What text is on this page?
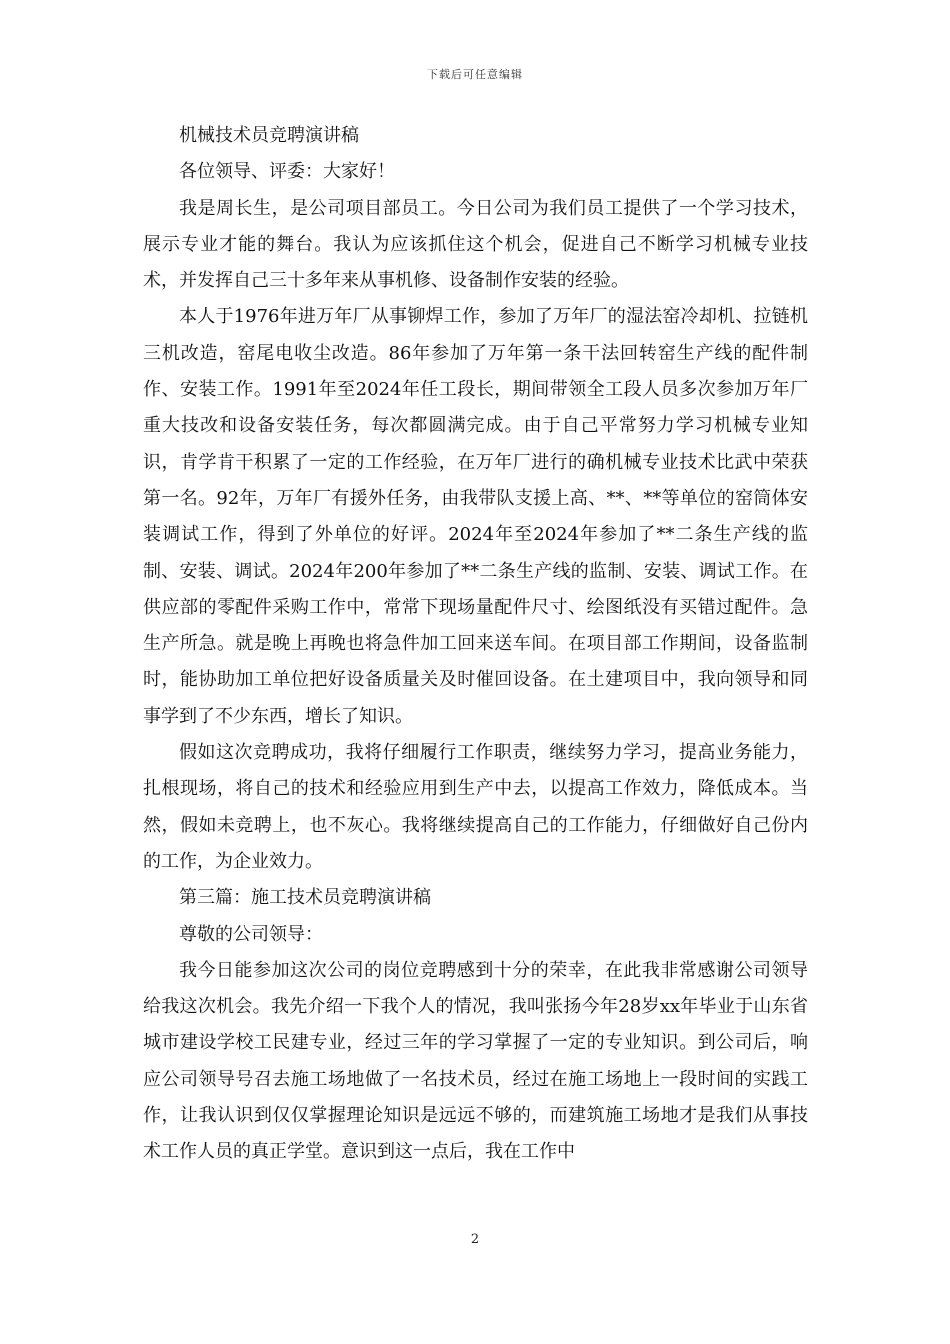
下载后可任意编辑

机械技术员竞聘演讲稿

各位领导、评委：大家好！

我是周长生，是公司项目部员工。今日公司为我们员工提供了一个学习技术，展示专业才能的舞台。我认为应该抓住这个机会，促进自己不断学习机械专业技术，并发挥自己三十多年来从事机修、设备制作安装的经验。

本人于1976年进万年厂从事铆焊工作，参加了万年厂的湿法窑冷却机、拉链机三机改造，窑尾电收尘改造。86年参加了万年第一条干法回转窑生产线的配件制作、安装工作。1991年至2024年任工段长，期间带领全工段人员多次参加万年厂重大技改和设备安装任务，每次都圆满完成。由于自己平常努力学习机械专业知识，肯学肯干积累了一定的工作经验，在万年厂进行的确机械专业技术比武中荣获第一名。92年，万年厂有援外任务，由我带队支援上高、**、**等单位的窑筒体安装调试工作，得到了外单位的好评。2024年至2024年参加了**二条生产线的监制、安装、调试。2024年200年参加了**二条生产线的监制、安装、调试工作。在供应部的零配件采购工作中，常常下现场量配件尺寸、绘图纸没有买错过配件。急生产所急。就是晚上再晚也将急件加工回来送车间。在项目部工作期间，设备监制时，能协助加工单位把好设备质量关及时催回设备。在土建项目中，我向领导和同事学到了不少东西，增长了知识。

假如这次竞聘成功，我将仔细履行工作职责，继续努力学习，提高业务能力，扎根现场，将自己的技术和经验应用到生产中去，以提高工作效力，降低成本。当然，假如未竞聘上，也不灰心。我将继续提高自己的工作能力，仔细做好自己份内的工作，为企业效力。

第三篇：施工技术员竞聘演讲稿

尊敬的公司领导：

我今日能参加这次公司的岗位竞聘感到十分的荣幸，在此我非常感谢公司领导给我这次机会。我先介绍一下我个人的情况，我叫张扬今年28岁xx年毕业于山东省城市建设学校工民建专业，经过三年的学习掌握了一定的专业知识。到公司后，响应公司领导号召去施工场地做了一名技术员，经过在施工场地上一段时间的实践工作，让我认识到仅仅掌握理论知识是远远不够的，而建筑施工场地才是我们从事技术工作人员的真正学堂。意识到这一点后，我在工作中

2
